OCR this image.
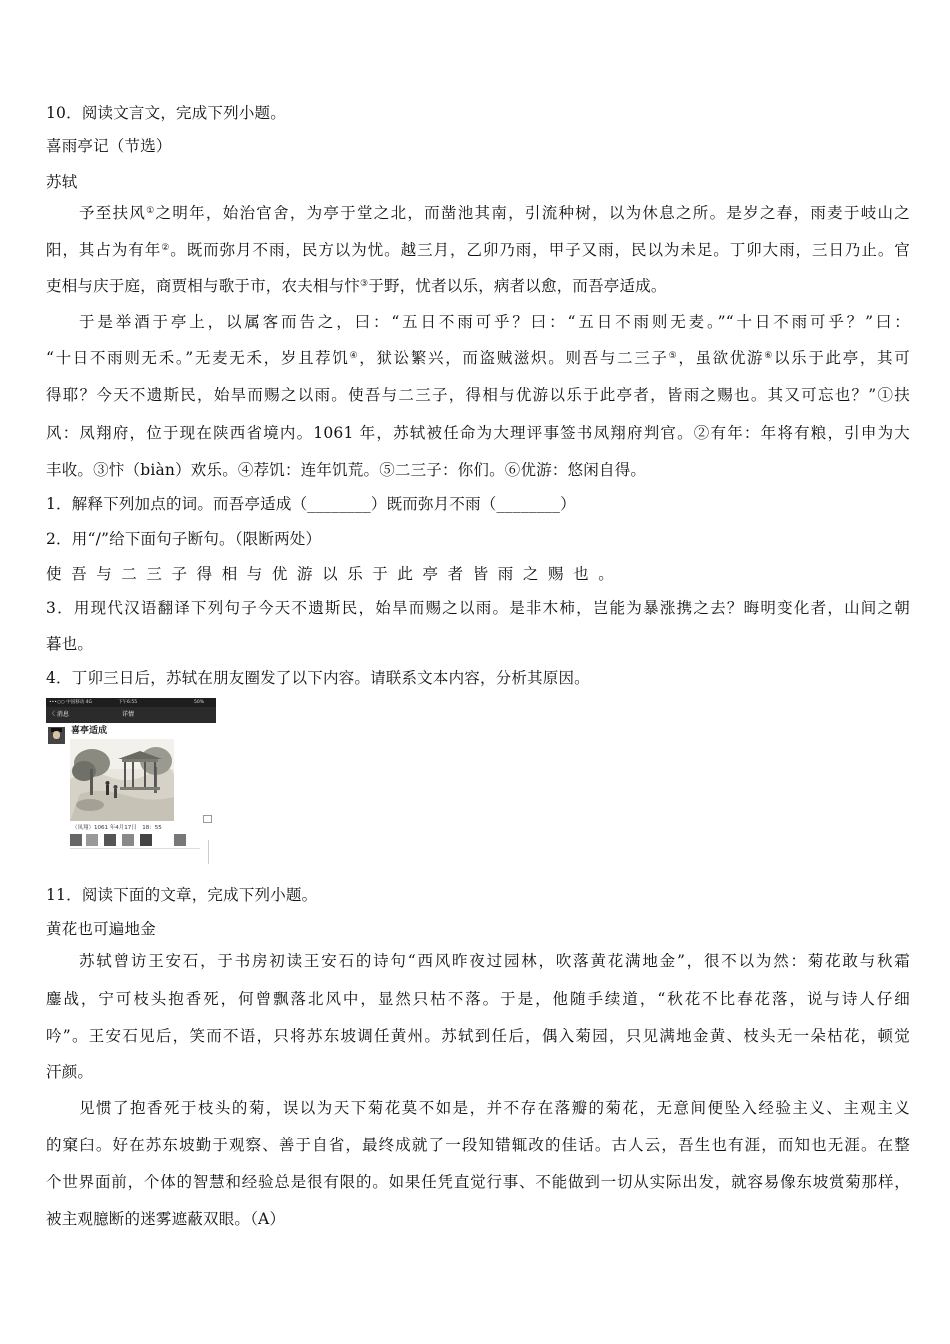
10．阅读文言文，完成下列小题。
喜雨亭记（节选）
苏轼
予至扶风①之明年，始治官舍，为亭于堂之北，而凿池其南，引流种树，以为休息之所。是岁之春，雨麦于岐山之
阳，其占为有年②。既而弥月不雨，民方以为忧。越三月，乙卯乃雨，甲子又雨，民以为未足。丁卯大雨，三日乃止。官
吏相与庆于庭，商贾相与歌于市，农夫相与忭③于野，忧者以乐，病者以愈，而吾亭适成。
于是举酒于亭上，以属客而告之，曰：“五日不雨可乎？曰：“五日不雨则无麦。”“十日不雨可乎？”曰：
“十日不雨则无禾。”无麦无禾，岁且荐饥④，狱讼繁兴，而盗贼滋炽。则吾与二三子⑤，虽欲优游⑥以乐于此亭，其可
得耶？今天不遗斯民，始旱而赐之以雨。使吾与二三子，得相与优游以乐于此亭者，皆雨之赐也。其又可忘也？”①扶
风：凤翔府，位于现在陕西省境内。1061 年，苏轼被任命为大理评事签书凤翔府判官。②有年：年将有粮，引申为大
丰收。③忭（biàn）欢乐。④荐饥：连年饥荒。⑤二三子：你们。⑥优游：悠闲自得。
1．解释下列加点的词。而吾亭适成（________）既而弥月不雨（________）
2．用“/”给下面句子断句。（限断两处）
使吾与二三子得相与优游以乐于此亭者皆雨之赐也。
3．用现代汉语翻译下列句子今天不遗斯民，始旱而赐之以雨。是非木柿，岂能为暴涨携之去？晦明变化者，山间之朝
暮也。
4．丁卯三日后，苏轼在朋友圈发了以下内容。请联系文本内容，分析其原因。
•••○○ 中国移动 4G	下午6:55	50%
〈 消息	详情
喜亭适成
（凤翔）1061 年4月17日　18：55
11．阅读下面的文章，完成下列小题。
黄花也可遍地金
苏轼曾访王安石，于书房初读王安石的诗句“西风昨夜过园林，吹落黄花满地金”，很不以为然：菊花敢与秋霜
鏖战，宁可枝头抱香死，何曾飘落北风中，显然只枯不落。于是，他随手续道，“秋花不比春花落，说与诗人仔细
吟”。王安石见后，笑而不语，只将苏东坡调任黄州。苏轼到任后，偶入菊园，只见满地金黄、枝头无一朵枯花，顿觉
汗颜。
见惯了抱香死于枝头的菊，误以为天下菊花莫不如是，并不存在落瓣的菊花，无意间便坠入经验主义、主观主义
的窠臼。好在苏东坡勤于观察、善于自省，最终成就了一段知错辄改的佳话。古人云，吾生也有涯，而知也无涯。在整
个世界面前，个体的智慧和经验总是很有限的。如果任凭直觉行事、不能做到一切从实际出发，就容易像东坡赏菊那样，
被主观臆断的迷雾遮蔽双眼。（A）
